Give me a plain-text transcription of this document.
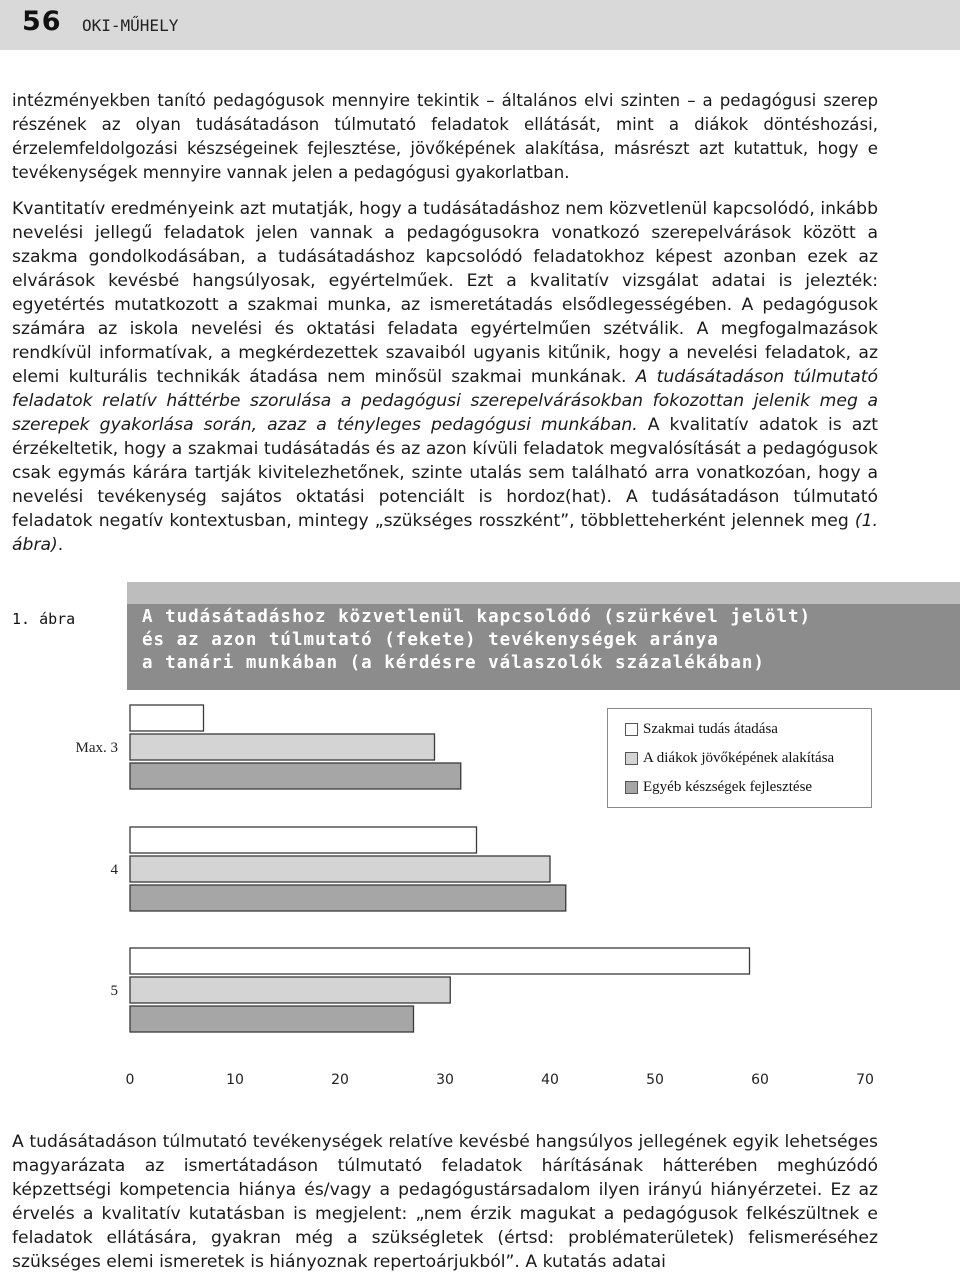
56 OKI-MŰHELY

intézményekben tanító pedagógusok mennyire tekintik – általános elvi szinten – a pedagógusi szerep részének az olyan tudásátadáson túlmutató feladatok ellátását, mint a diákok döntéshozási, érzelemfeldolgozási készségeinek fejlesztése, jövőképének alakítása, másrészt azt kutattuk, hogy e tevékenységek mennyire vannak jelen a pedagógusi gyakorlatban.

Kvantitatív eredményeink azt mutatják, hogy a tudásátadáshoz nem közvetlenül kapcsolódó, inkább nevelési jellegű feladatok jelen vannak a pedagógusokra vonatkozó szerepelvárások között a szakma gondolkodásában, a tudásátadáshoz kapcsolódó feladatokhoz képest azonban ezek az elvárások kevésbé hangsúlyosak, egyértelműek. Ezt a kvalitatív vizsgálat adatai is jelezték: egyetértés mutatkozott a szakmai munka, az ismeretátadás elsődlegességében. A pedagógusok számára az iskola nevelési és oktatási feladata egyértelműen szétválik. A megfogalmazások rendkívül informatívak, a megkérdezettek szavaiból ugyanis kitűnik, hogy a nevelési feladatok, az elemi kulturális technikák átadása nem minősül szakmai munkának. A tudásátadáson túlmutató feladatok relatív háttérbe szorulása a pedagógusi szerepelvárásokban fokozottan jelenik meg a szerepek gyakorlása során, azaz a tényleges pedagógusi munkában. A kvalitatív adatok is azt érzékeltetik, hogy a szakmai tudásátadás és az azon kívüli feladatok megvalósítását a pedagógusok csak egymás kárára tartják kivitelezhetőnek, szinte utalás sem található arra vonatkozóan, hogy a nevelési tevékenység sajátos oktatási potenciált is hordoz(hat). A tudásátadáson túlmutató feladatok negatív kontextusban, mintegy „szükséges rosszként”, többletteherként jelennek meg (1. ábra).

1. ábra	A tudásátadáshoz közvetlenül kapcsolódó (szürkével jelölt)
és az azon túlmutató (fekete) tevékenységek aránya
a tanári munkában (a kérdésre válaszolók százalékában)
Max. 3
4
5
0	10	20	30	40	50	60	70
Szakmai tudás átadása
A diákok jövőképének alakítása
Egyéb készségek fejlesztése

A tudásátadáson túlmutató tevékenységek relatíve kevésbé hangsúlyos jellegének egyik lehetséges magyarázata az ismertátadáson túlmutató feladatok hárításának hátterében meghúzódó képzettségi kompetencia hiánya és/vagy a pedagógustársadalom ilyen irányú hiányérzetei. Ez az érvelés a kvalitatív kutatásban is megjelent: „nem érzik magukat a pedagógusok felkészültnek e feladatok ellátására, gyakran még a szükségletek (értsd: problématerületek) felismeréséhez szükséges elemi ismeretek is hiányoznak repertoárjukból”. A kutatás adatai
